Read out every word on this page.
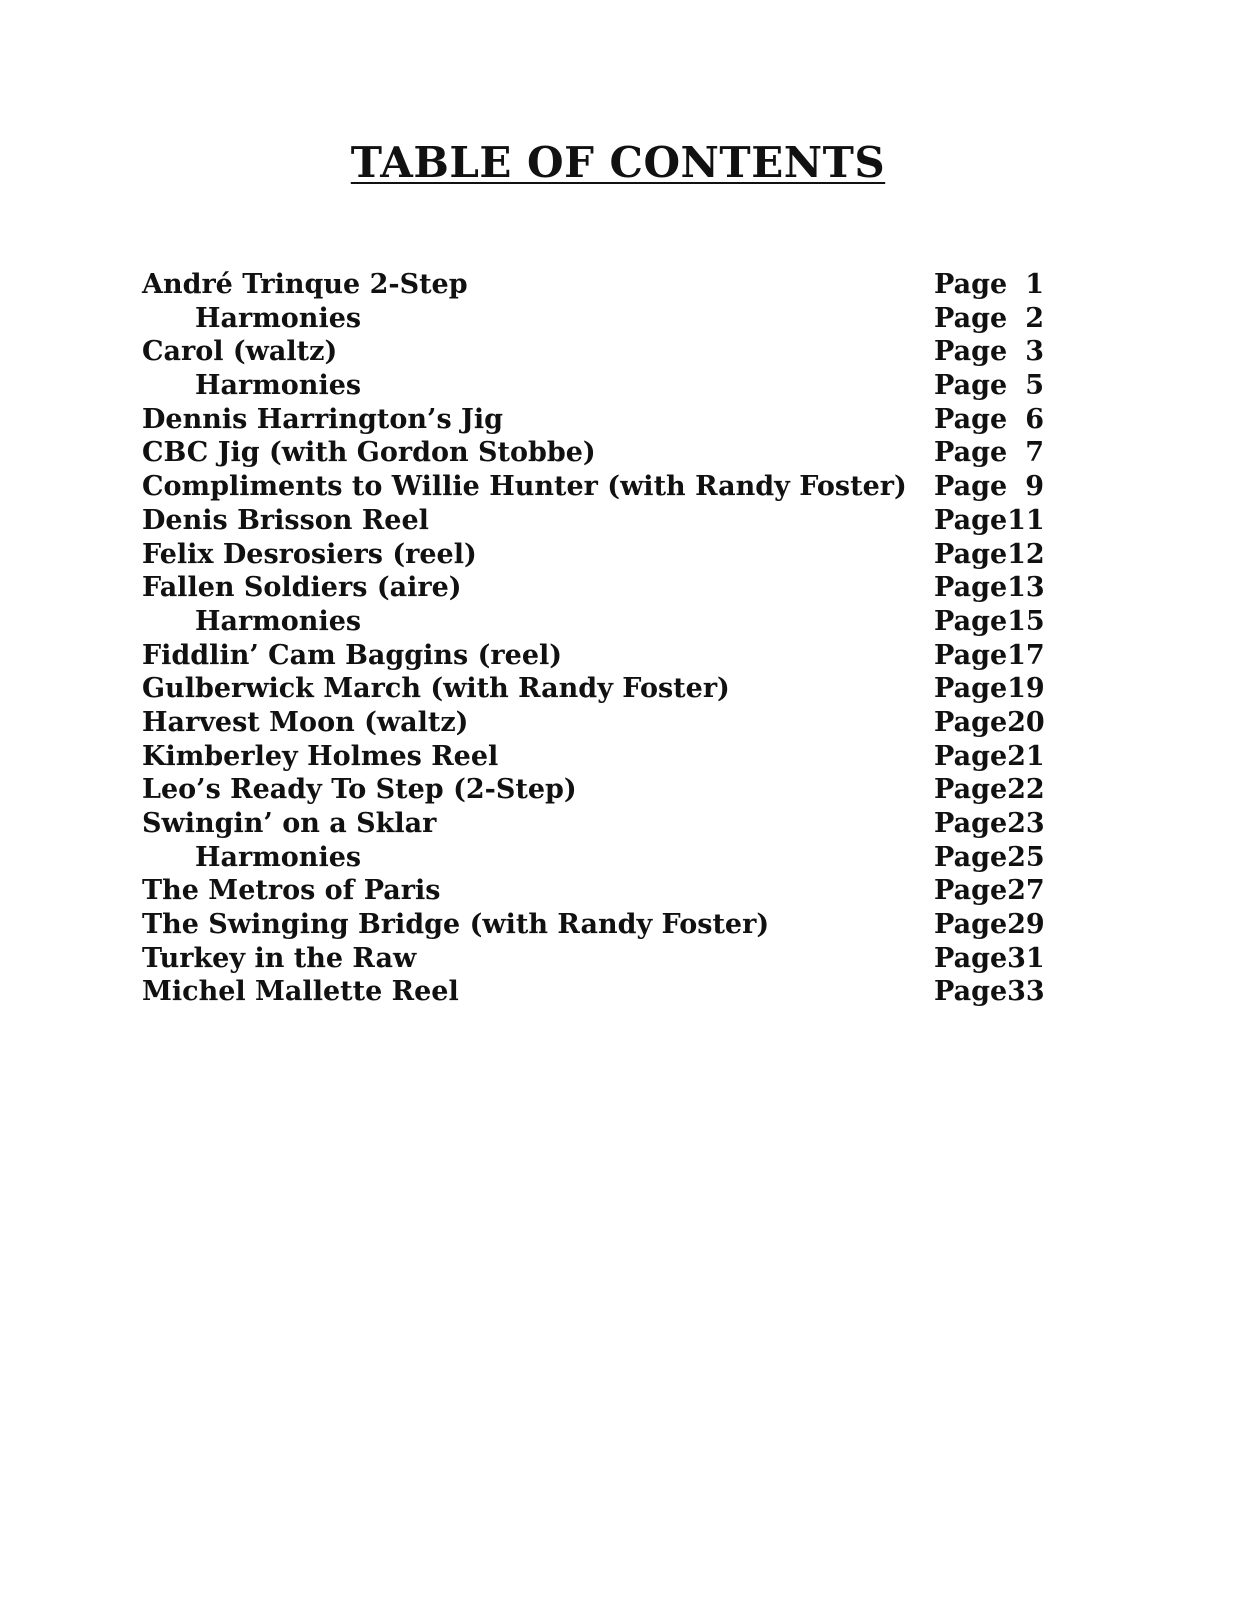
TABLE OF CONTENTS
André Trinque 2-Step	Page 1
Harmonies	Page 2
Carol (waltz)	Page 3
Harmonies	Page 5
Dennis Harrington’s Jig	Page 6
CBC Jig (with Gordon Stobbe)	Page 7
Compliments to Willie Hunter (with Randy Foster) Page 9
Denis Brisson Reel	Page 11
Felix Desrosiers (reel)	Page 12
Fallen Soldiers (aire)	Page 13
Harmonies	Page 15
Fiddlin’ Cam Baggins (reel)	Page 17
Gulberwick March (with Randy Foster)	Page 19
Harvest Moon (waltz)	Page 20
Kimberley Holmes Reel	Page 21
Leo’s Ready To Step (2-Step)	Page 22
Swingin’ on a Sklar	Page 23
Harmonies	Page 25
The Metros of Paris	Page 27
The Swinging Bridge (with Randy Foster)	Page 29
Turkey in the Raw	Page 31
Michel Mallette Reel	Page 33
